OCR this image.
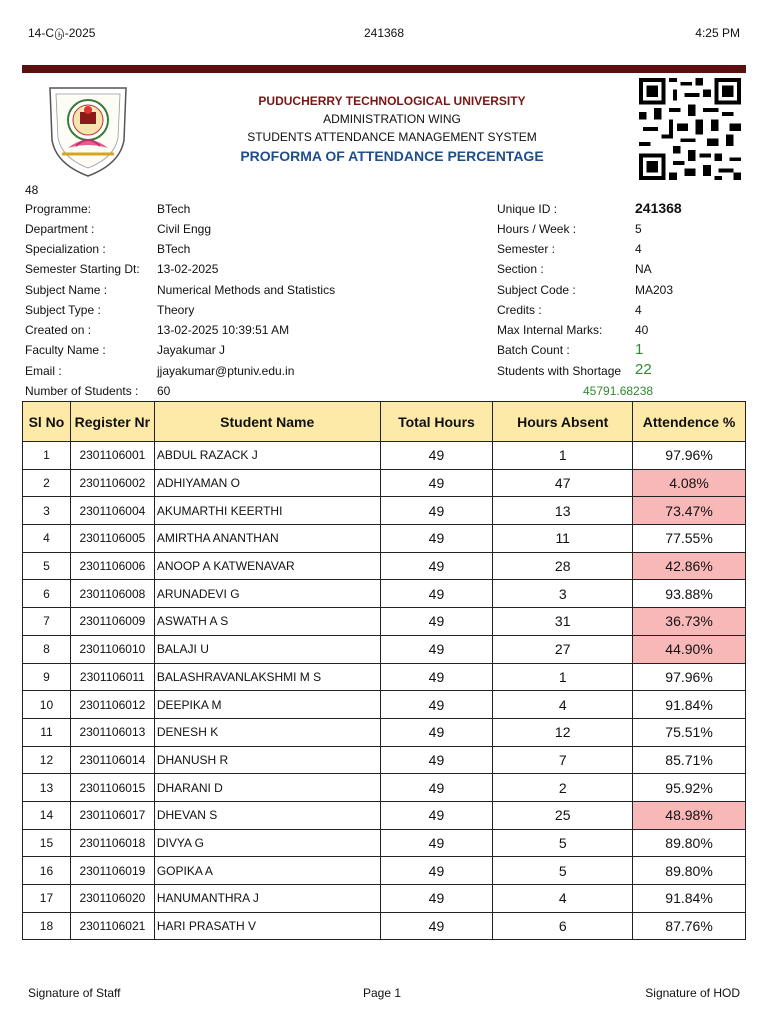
14-Cடு-2025	241368	4:25 PM
PUDUCHERRY TECHNOLOGICAL UNIVERSITY
ADMINISTRATION WING
STUDENTS ATTENDANCE MANAGEMENT SYSTEM
PROFORMA OF ATTENDANCE PERCENTAGE
48
Programme:	BTech
Department :	Civil Engg
Specialization :	BTech
Semester Starting Dt: 13-02-2025
Subject Name :	Numerical Methods and Statistics
Subject Type :	Theory
Created on :	13-02-2025 10:39:51 AM
Faculty Name :	Jayakumar J
Email :	jjayakumar@ptuniv.edu.in
Number of Students : 60
Unique ID :	241368
Hours / Week :	5
Semester :	4
Section :	NA
Subject Code :	MA203
Credits :	4
Max Internal Marks:	40
Batch Count :	1
Students with Shortage 22
45791.68238
Sl No	Register Nr	Student Name	Total Hours	Hours Absent	Attendence %
1	2301106001	ABDUL RAZACK J	49	1	97.96%
2	2301106002	ADHIYAMAN O	49	47	4.08%
3	2301106004	AKUMARTHI KEERTHI	49	13	73.47%
4	2301106005	AMIRTHA ANANTHAN	49	11	77.55%
5	2301106006	ANOOP A KATWENAVAR	49	28	42.86%
6	2301106008	ARUNADEVI G	49	3	93.88%
7	2301106009	ASWATH A S	49	31	36.73%
8	2301106010	BALAJI U	49	27	44.90%
9	2301106011	BALASHRAVANLAKSHMI M S	49	1	97.96%
10	2301106012	DEEPIKA M	49	4	91.84%
11	2301106013	DENESH K	49	12	75.51%
12	2301106014	DHANUSH R	49	7	85.71%
13	2301106015	DHARANI D	49	2	95.92%
14	2301106017	DHEVAN S	49	25	48.98%
15	2301106018	DIVYA G	49	5	89.80%
16	2301106019	GOPIKA A	49	5	89.80%
17	2301106020	HANUMANTHRA J	49	4	91.84%
18	2301106021	HARI PRASATH V	49	6	87.76%
Signature of Staff	Page 1	Signature of HOD
